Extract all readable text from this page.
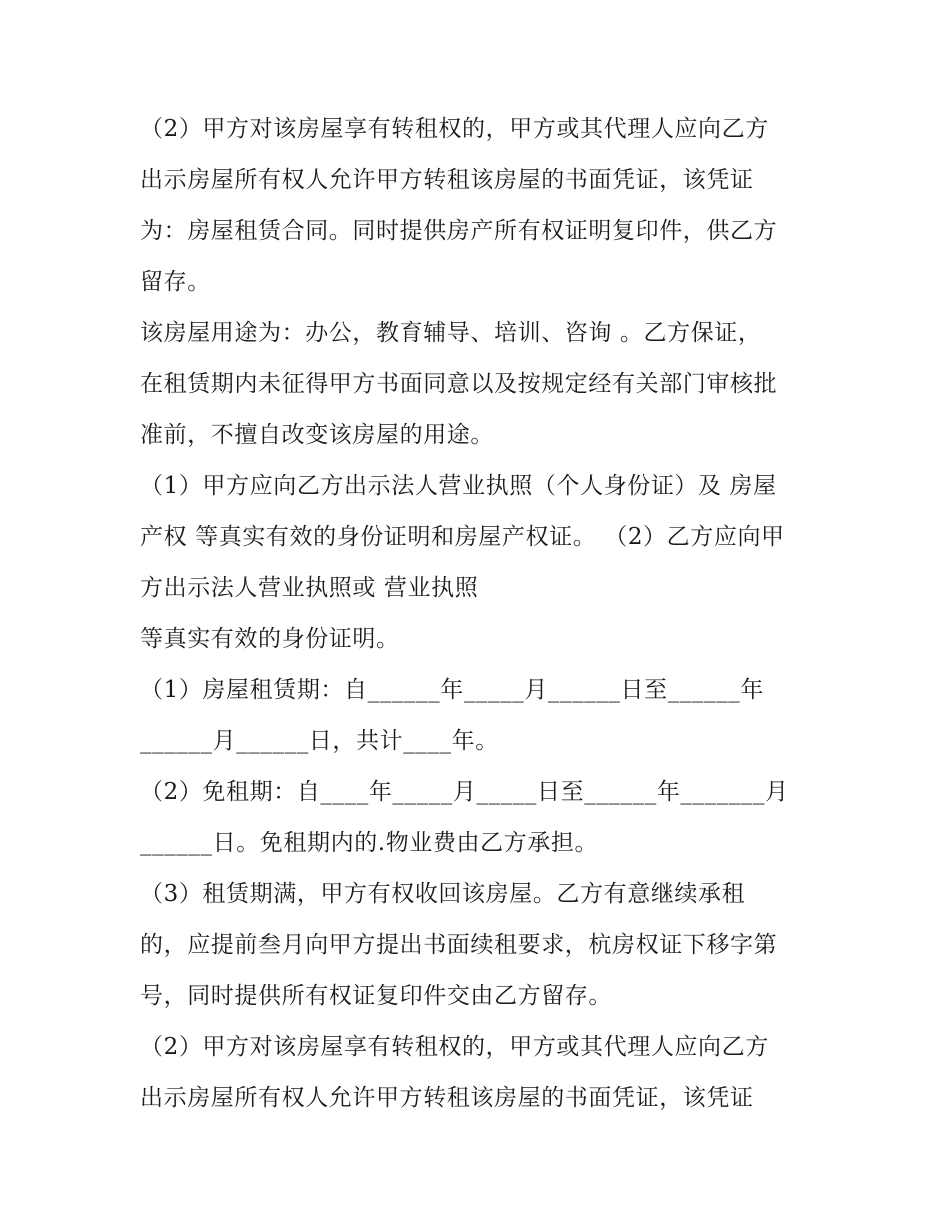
（2）甲方对该房屋享有转租权的，甲方或其代理人应向乙方
出示房屋所有权人允许甲方转租该房屋的书面凭证，该凭证
为：房屋租赁合同。同时提供房产所有权证明复印件，供乙方
留存。
该房屋用途为：办公，教育辅导、培训、咨询 。乙方保证，
在租赁期内未征得甲方书面同意以及按规定经有关部门审核批
准前，不擅自改变该房屋的用途。
（1）甲方应向乙方出示法人营业执照（个人身份证）及 房屋
产权 等真实有效的身份证明和房屋产权证。 （2）乙方应向甲
方出示法人营业执照或 营业执照
等真实有效的身份证明。
（1）房屋租赁期：自______年_____月______日至______年
______月______日，共计____年。
（2）免租期：自____年_____月_____日至______年_______月
______日。免租期内的.物业费由乙方承担。
（3）租赁期满，甲方有权收回该房屋。乙方有意继续承租
的，应提前叁月向甲方提出书面续租要求，杭房权证下移字第
号，同时提供所有权证复印件交由乙方留存。
（2）甲方对该房屋享有转租权的，甲方或其代理人应向乙方
出示房屋所有权人允许甲方转租该房屋的书面凭证，该凭证
